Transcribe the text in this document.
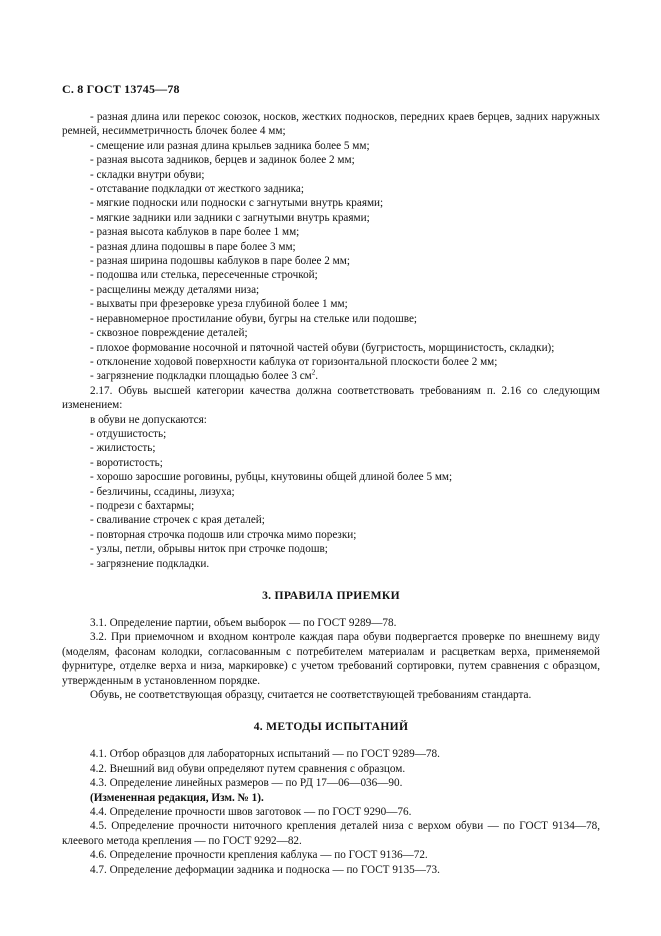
С. 8 ГОСТ 13745—78

- разная длина или перекос союзок, носков, жестких подносков, передних краев берцев, задних наружных ремней, несимметричность блочек более 4 мм;

- смещение или разная длина крыльев задника более 5 мм;

- разная высота задников, берцев и задинок более 2 мм;

- складки внутри обуви;

- отставание подкладки от жесткого задника;

- мягкие подноски или подноски с загнутыми внутрь краями;

- мягкие задники или задники с загнутыми внутрь краями;

- разная высота каблуков в паре более 1 мм;

- разная длина подошвы в паре более 3 мм;

- разная ширина подошвы каблуков в паре более 2 мм;

- подошва или стелька, пересеченные строчкой;

- расщелины между деталями низа;

- выхваты при фрезеровке уреза глубиной более 1 мм;

- неравномерное простилание обуви, бугры на стельке или подошве;

- сквозное повреждение деталей;

- плохое формование носочной и пяточной частей обуви (бугристость, морщинистость, складки);

- отклонение ходовой поверхности каблука от горизонтальной плоскости более 2 мм;

- загрязнение подкладки площадью более 3 $см^2$.

2.17. Обувь высшей категории качества должна соответствовать требованиям п. 2.16 со следующим изменением:

в обуви не допускаются:

- отдушистость;

- жилистость;

- воротистость;

- хорошо заросшие роговины, рубцы, кнутовины общей длиной более 5 мм;

- безличины, ссадины, лизуха;

- подрези с бахтармы;

- сваливание строчек с края деталей;

- повторная строчка подошв или строчка мимо порезки;

- узлы, петли, обрывы ниток при строчке подошв;

- загрязнение подкладки.

3. ПРАВИЛА ПРИЕМКИ

3.1. Определение партии, объем выборок — по ГОСТ 9289—78.

3.2. При приемочном и входном контроле каждая пара обуви подвергается проверке по внешнему виду (моделям, фасонам колодки, согласованным с потребителем материалам и расцветкам верха, применяемой фурнитуре, отделке верха и низа, маркировке) с учетом требований сортировки, путем сравнения с образцом, утвержденным в установленном порядке.

Обувь, не соответствующая образцу, считается не соответствующей требованиям стандарта.

4. МЕТОДЫ ИСПЫТАНИЙ

4.1. Отбор образцов для лабораторных испытаний — по ГОСТ 9289—78.

4.2. Внешний вид обуви определяют путем сравнения с образцом.

4.3. Определение линейных размеров — по РД 17—06—036—90.

(Измененная редакция, Изм. № 1).

4.4. Определение прочности швов заготовок — по ГОСТ 9290—76.

4.5. Определение прочности ниточного крепления деталей низа с верхом обуви — по ГОСТ 9134—78, клеевого метода крепления — по ГОСТ 9292—82.

4.6. Определение прочности крепления каблука — по ГОСТ 9136—72.

4.7. Определение деформации задника и подноска — по ГОСТ 9135—73.
